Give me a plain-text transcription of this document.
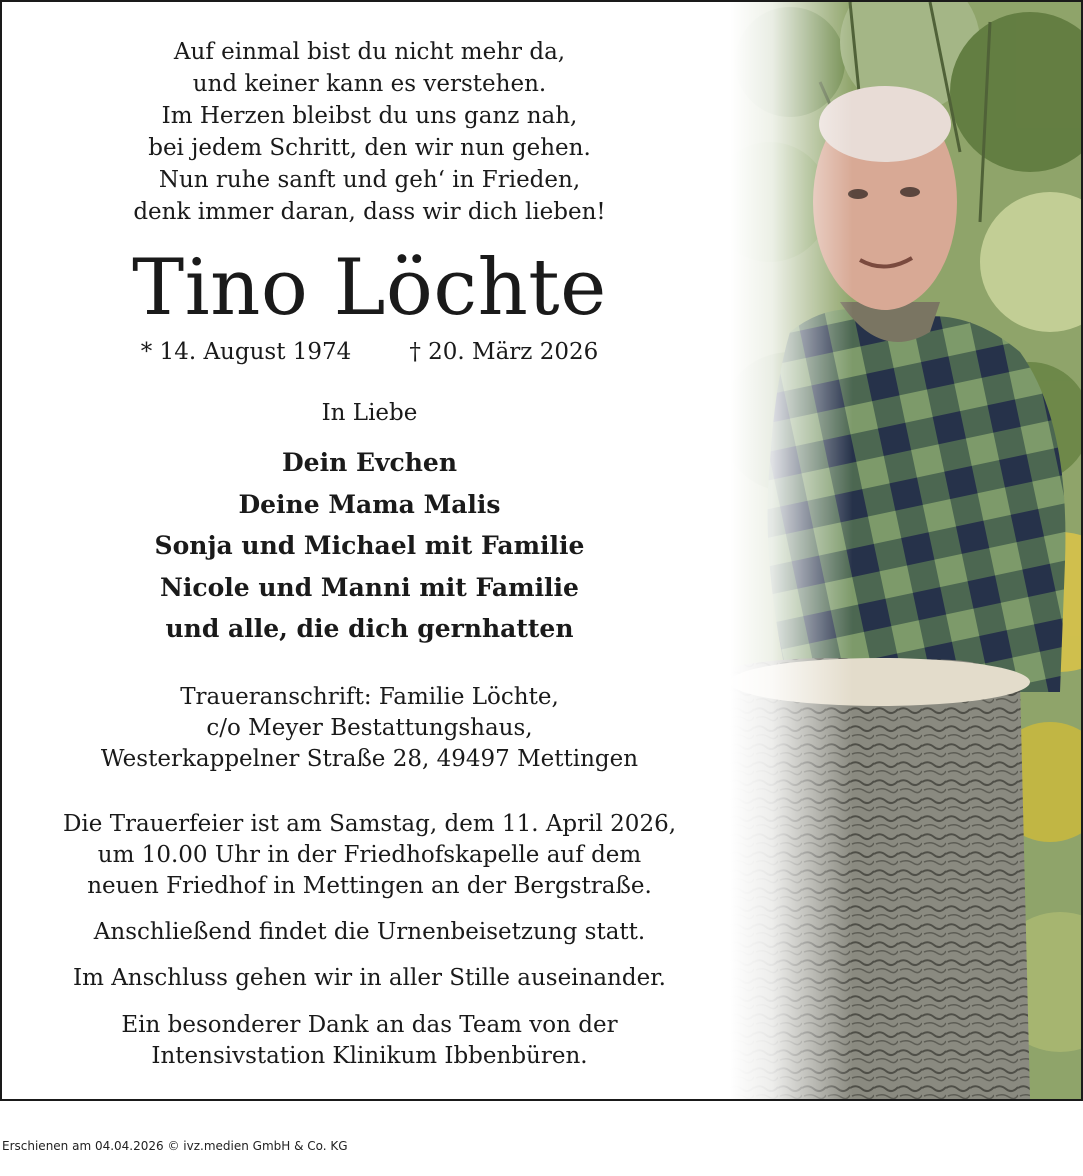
Auf einmal bist du nicht mehr da,
und keiner kann es verstehen.
Im Herzen bleibst du uns ganz nah,
bei jedem Schritt, den wir nun gehen.
Nun ruhe sanft und geh‘ in Frieden,
denk immer daran, dass wir dich lieben!
Tino Löchte
* 14. August 1974	† 20. März 2026
In Liebe
Dein Evchen
Deine Mama Malis
Sonja und Michael mit Familie
Nicole und Manni mit Familie
und alle, die dich gernhatten
Traueranschrift: Familie Löchte,
c/o Meyer Bestattungshaus,
Westerkappelner Straße 28, 49497 Mettingen
Die Trauerfeier ist am Samstag, dem 11. April 2026,
um 10.00 Uhr in der Friedhofskapelle auf dem
neuen Friedhof in Mettingen an der Bergstraße.
Anschließend findet die Urnenbeisetzung statt.
Im Anschluss gehen wir in aller Stille auseinander.
Ein besonderer Dank an das Team von der
Intensivstation Klinikum Ibbenbüren.
Erschienen am 04.04.2026 © ivz.medien GmbH & Co. KG
